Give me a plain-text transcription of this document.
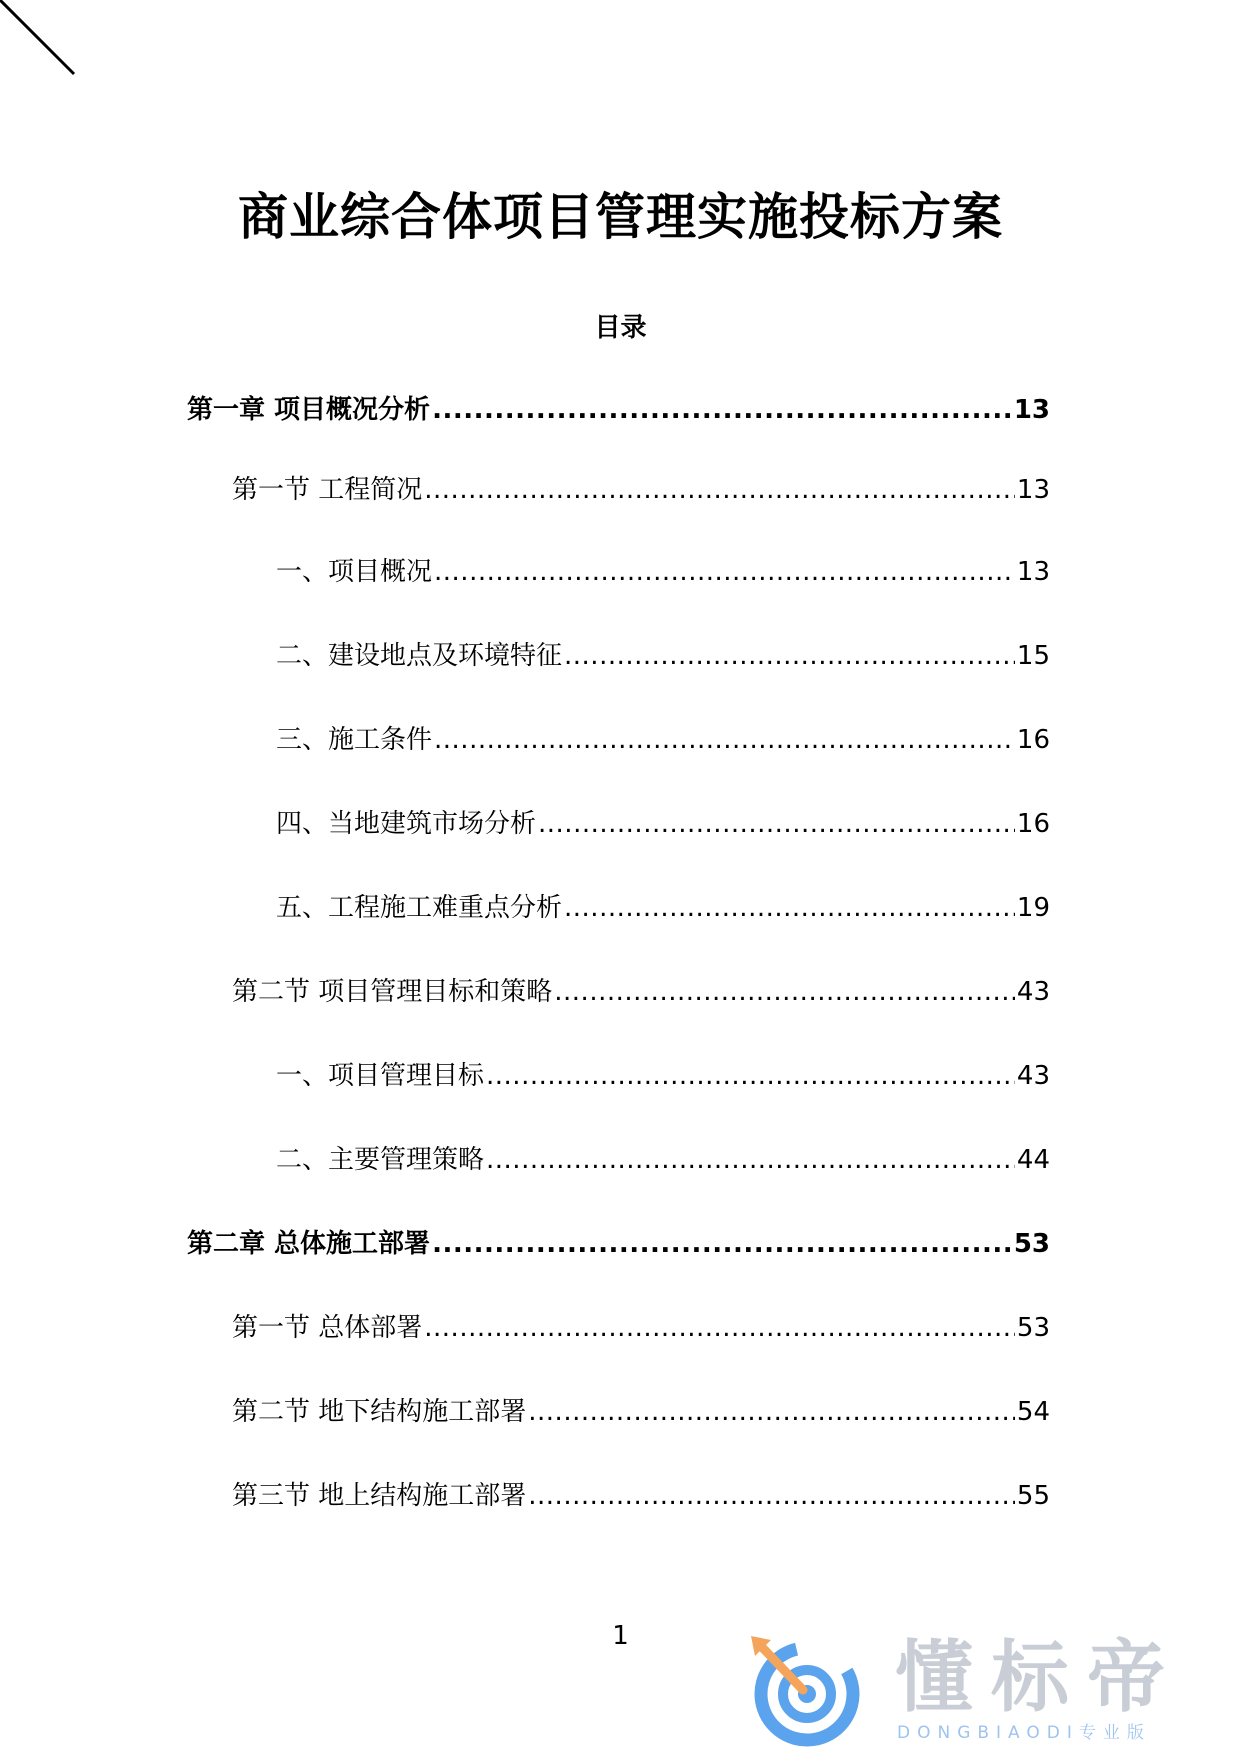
商业综合体项目管理实施投标方案
目录
第一章 项目概况分析 .....	13
第一节 工程简况 .....	13
一、项目概况 .....	13
二、建设地点及环境特征 .....	15
三、施工条件 .....	16
四、当地建筑市场分析 .....	16
五、工程施工难重点分析 .....	19
第二节 项目管理目标和策略 .....	43
一、项目管理目标 .....	43
二、主要管理策略 .....	44
第二章 总体施工部署 .....	53
第一节 总体部署 .....	53
第二节 地下结构施工部署 .....	54
第三节 地上结构施工部署 .....	55
1	懂标帝
DONGBIAODI专业版
